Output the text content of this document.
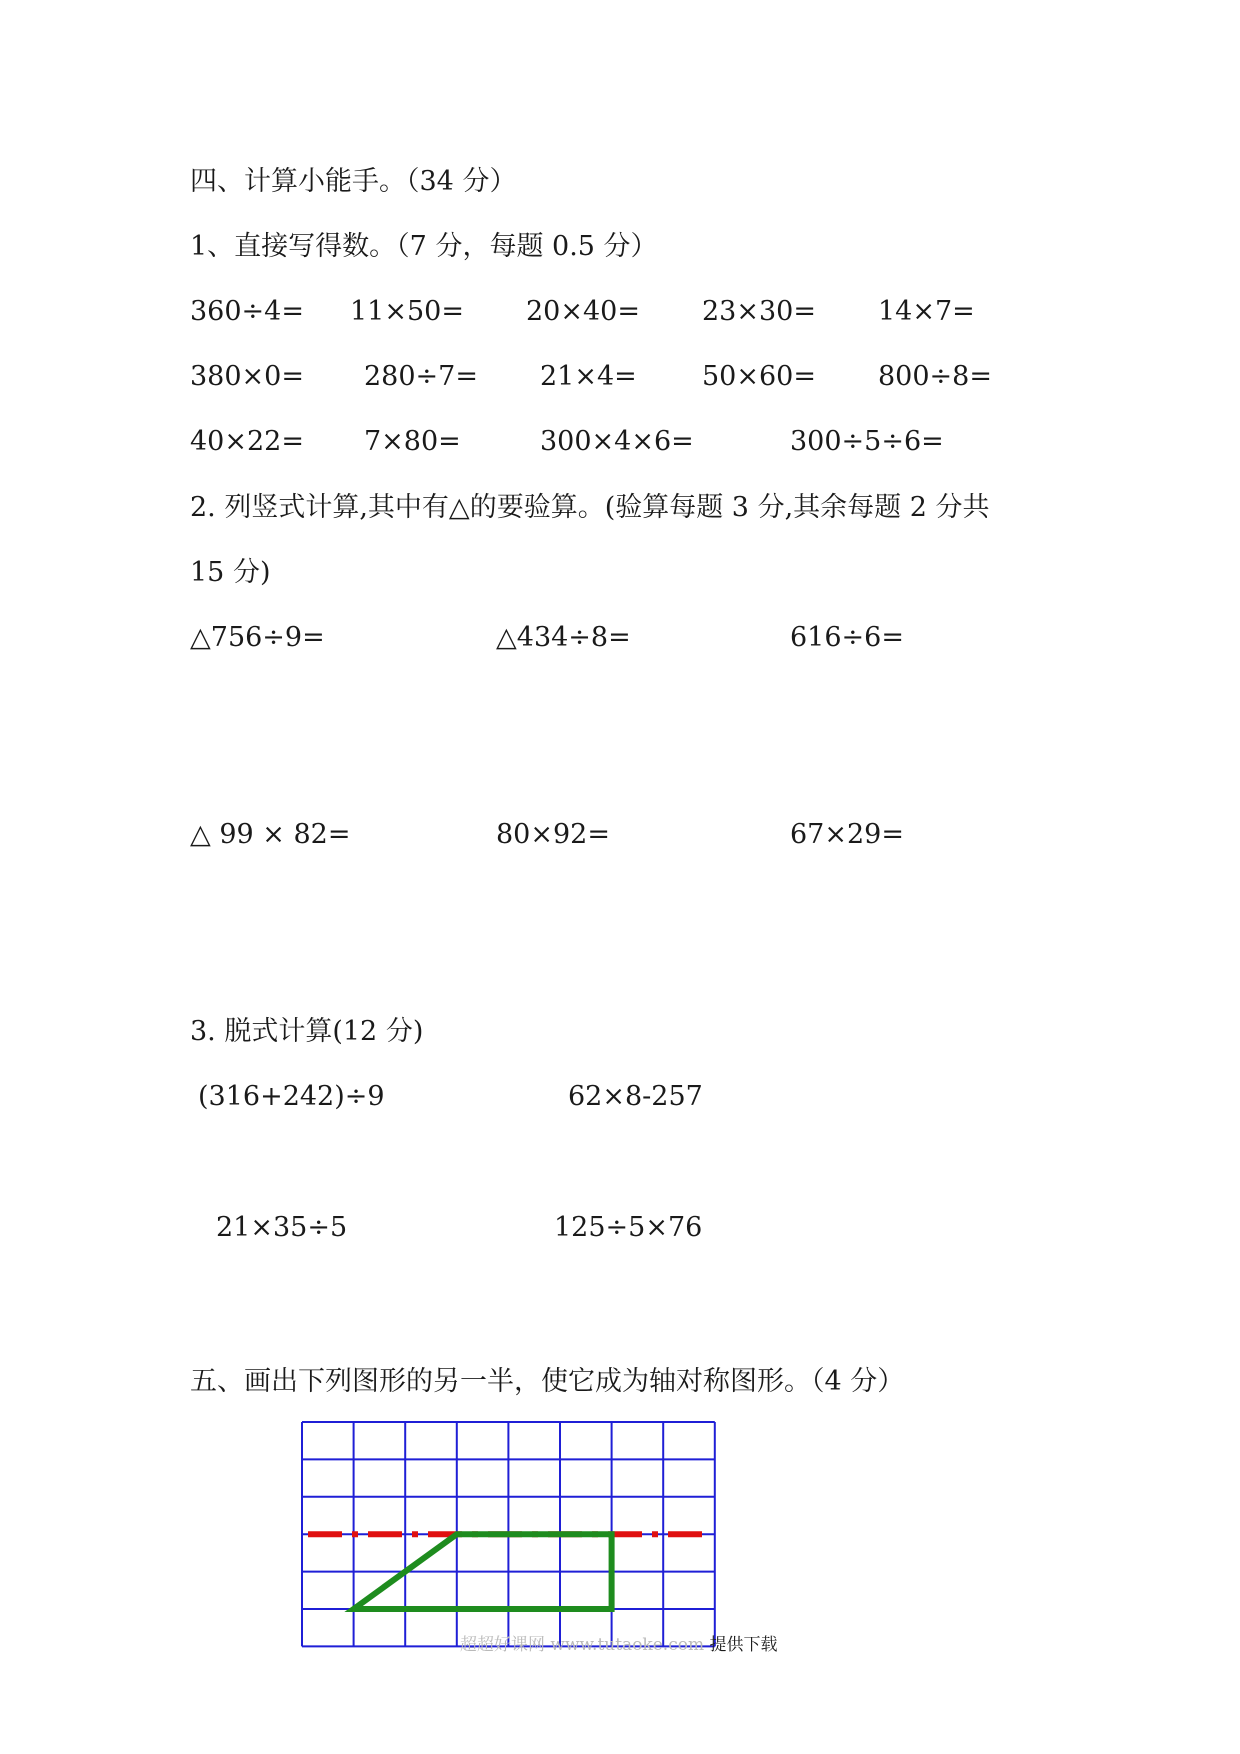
四、计算小能手。（34 分）
1、直接写得数。（7 分，每题 0.5 分）
360÷4= 11×50= 20×40= 23×30= 14×7=
380×0= 280÷7= 21×4= 50×60= 800÷8=
40×22= 7×80=	300×4×6=	300÷5÷6=
2. 列竖式计算,其中有△的要验算。(验算每题 3 分,其余每题 2 分共
15 分)
△756÷9=	△434÷8=	616÷6=
△ 99 × 82=	80×92=	67×29=
3. 脱式计算(12 分)
(316+242)÷9	62×8-257
21×35÷5	125÷5×76
五、画出下列图形的另一半，使它成为轴对称图形。（4 分）
超超好课网 www.tutaoke.com 提供下载
